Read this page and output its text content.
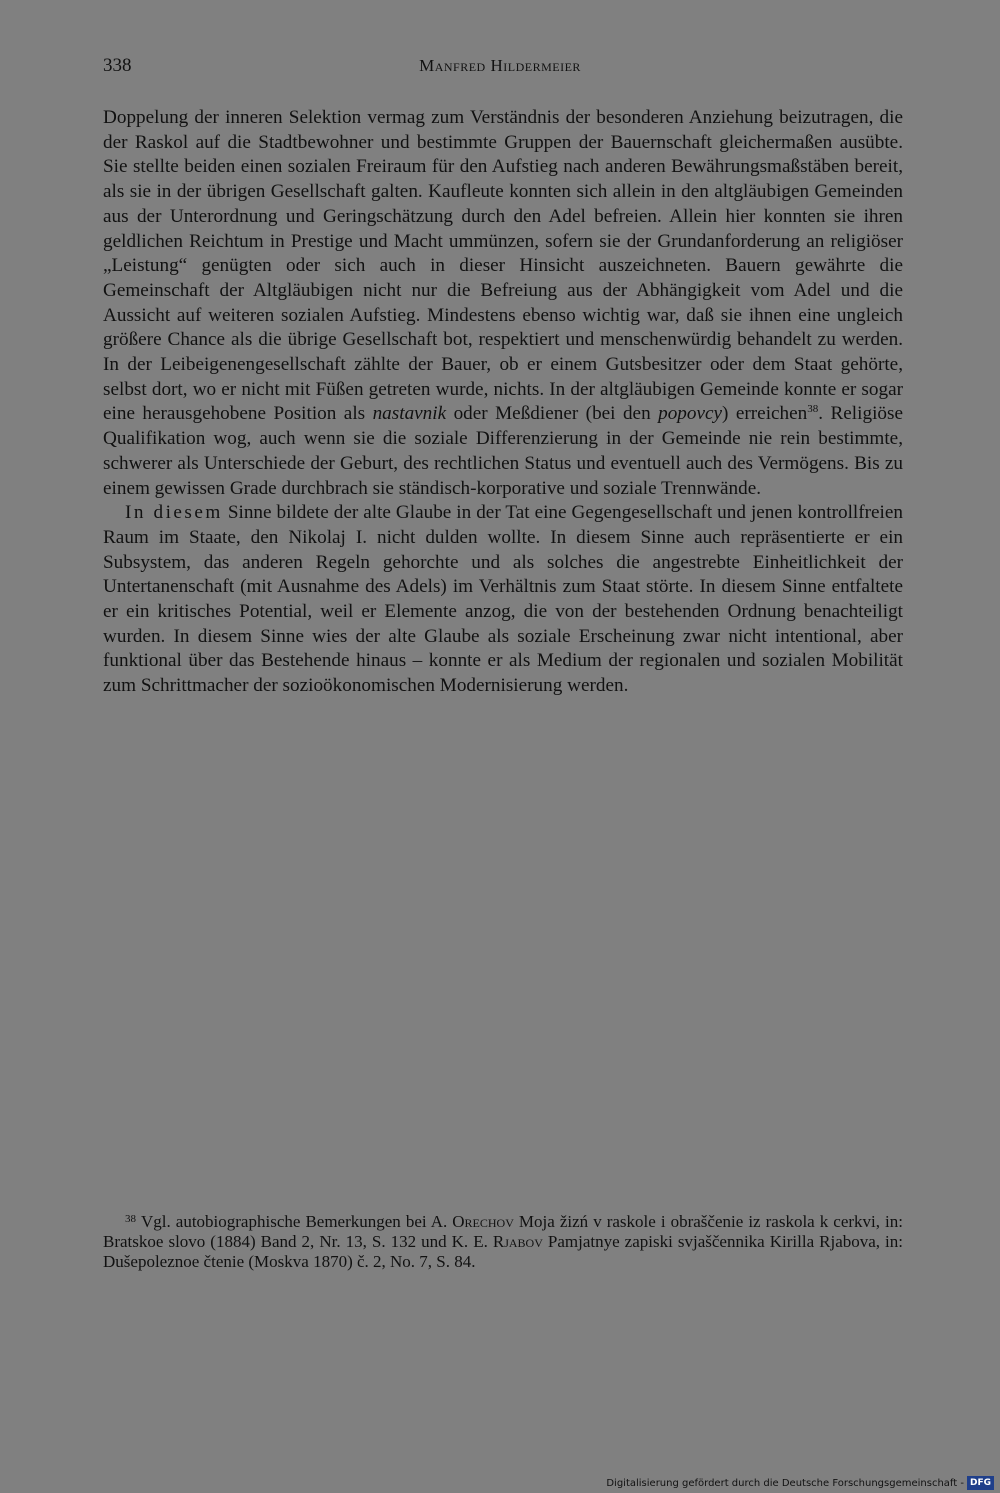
338	Manfred Hildermeier

Doppelung der inneren Selektion vermag zum Verständnis der besonderen Anziehung beizutragen, die der Raskol auf die Stadtbewohner und bestimmte Gruppen der Bauernschaft gleichermaßen ausübte. Sie stellte beiden einen sozialen Freiraum für den Aufstieg nach anderen Bewährungsmaßstäben bereit, als sie in der übrigen Gesellschaft galten. Kaufleute konnten sich allein in den altgläubigen Gemeinden aus der Unterordnung und Geringschätzung durch den Adel befreien. Allein hier konnten sie ihren geldlichen Reichtum in Prestige und Macht ummünzen, sofern sie der Grundanforderung an religiöser „Leistung“ genügten oder sich auch in dieser Hinsicht auszeichneten. Bauern gewährte die Gemeinschaft der Altgläubigen nicht nur die Befreiung aus der Abhängigkeit vom Adel und die Aussicht auf weiteren sozialen Aufstieg. Mindestens ebenso wichtig war, daß sie ihnen eine ungleich größere Chance als die übrige Gesellschaft bot, respektiert und menschenwürdig behandelt zu werden. In der Leibeigenengesellschaft zählte der Bauer, ob er einem Gutsbesitzer oder dem Staat gehörte, selbst dort, wo er nicht mit Füßen getreten wurde, nichts. In der altgläubigen Gemeinde konnte er sogar eine herausgehobene Position als nastavnik oder Meßdiener (bei den popovcy) erreichen$^{38}$. Religiöse Qualifikation wog, auch wenn sie die soziale Differenzierung in der Gemeinde nie rein bestimmte, schwerer als Unterschiede der Geburt, des rechtlichen Status und eventuell auch des Vermögens. Bis zu einem gewissen Grade durchbrach sie ständisch-korporative und soziale Trennwände.

In diesem Sinne bildete der alte Glaube in der Tat eine Gegengesellschaft und jenen kontrollfreien Raum im Staate, den Nikolaj I. nicht dulden wollte. In diesem Sinne auch repräsentierte er ein Subsystem, das anderen Regeln gehorchte und als solches die angestrebte Einheitlichkeit der Untertanenschaft (mit Ausnahme des Adels) im Verhältnis zum Staat störte. In diesem Sinne entfaltete er ein kritisches Potential, weil er Elemente anzog, die von der bestehenden Ordnung benachteiligt wurden. In diesem Sinne wies der alte Glaube als soziale Erscheinung zwar nicht intentional, aber funktional über das Bestehende hinaus – konnte er als Medium der regionalen und sozialen Mobilität zum Schrittmacher der sozioökonomischen Modernisierung werden.

38 Vgl. autobiographische Bemerkungen bei A. Orechov Moja žizń v raskole i obraščenie iz raskola k cerkvi, in: Bratskoe slovo (1884) Band 2, Nr. 13, S. 132 und K. E. Rjabov Pamjatnye zapiski svjaščennika Kirilla Rjabova, in: Dušepoleznoe čtenie (Moskva 1870) č. 2, No. 7, S. 84.
Digitalisierung gefördert durch die Deutsche Forschungsgemeinschaft - DFG
